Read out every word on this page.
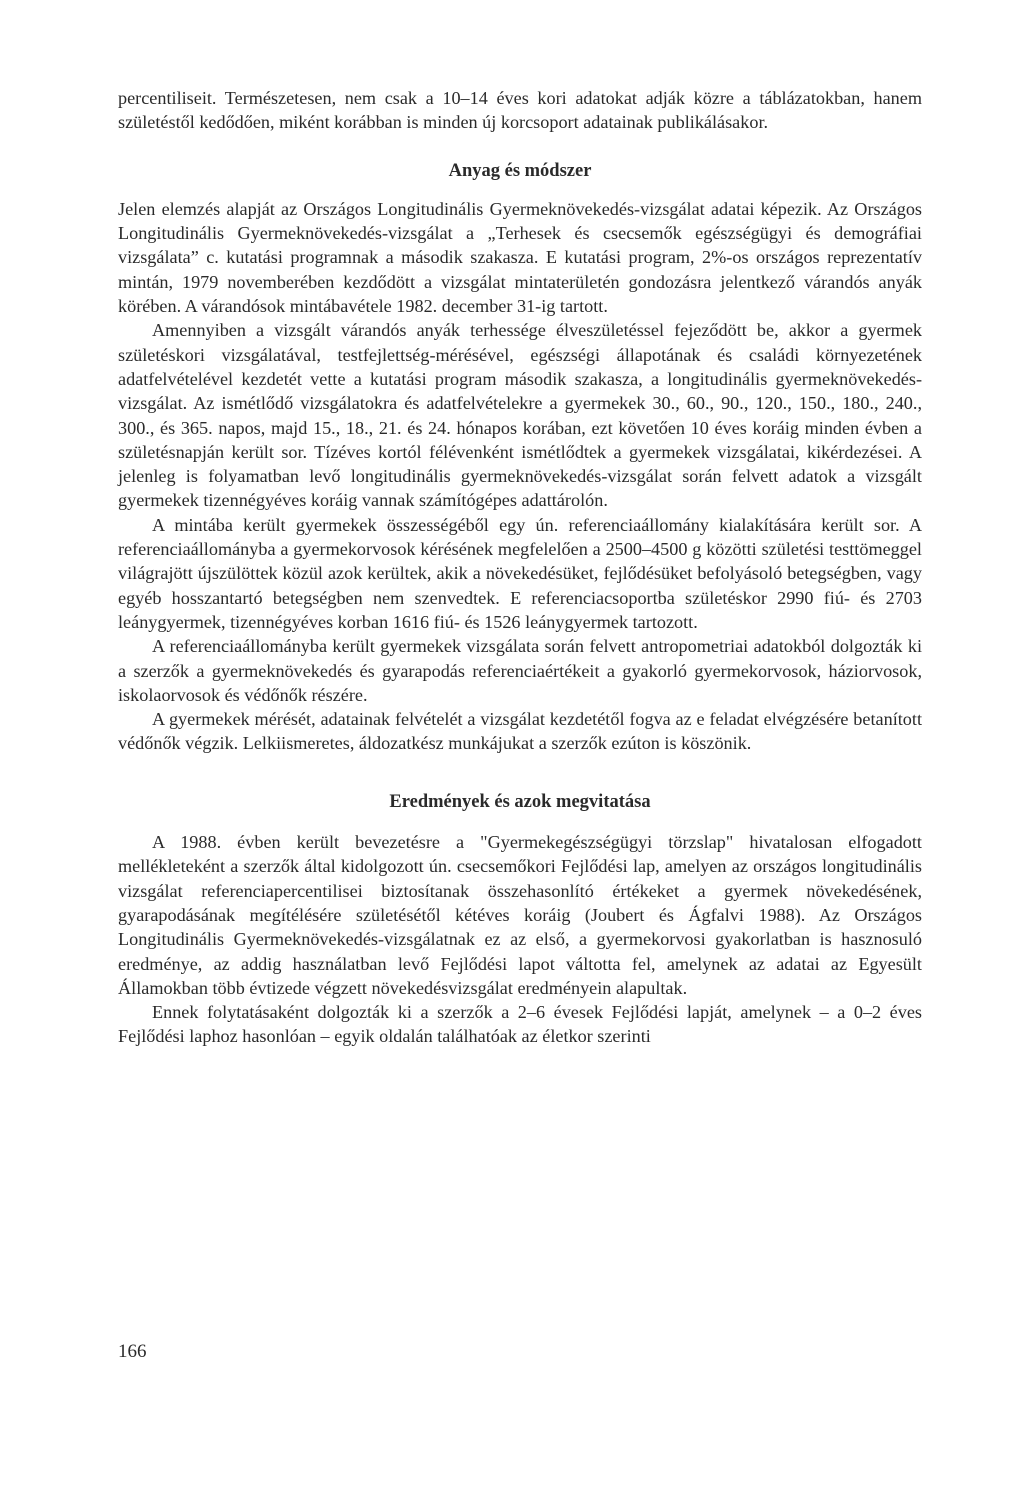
percentiliseit. Természetesen, nem csak a 10–14 éves kori adatokat adják közre a táblázatokban, hanem születéstől kedődően, miként korábban is minden új korcsoport adatainak publikálásakor.

Anyag és módszer

Jelen elemzés alapját az Országos Longitudinális Gyermeknövekedés-vizsgálat adatai képezik. Az Országos Longitudinális Gyermeknövekedés-vizsgálat a „Terhesek és csecsemők egészségügyi és demográfiai vizsgálata” c. kutatási programnak a második szakasza. E kutatási program, 2%-os országos reprezentatív mintán, 1979 novemberében kezdődött a vizsgálat mintaterületén gondozásra jelentkező várandós anyák körében. A várandósok mintábavétele 1982. december 31-ig tartott.

Amennyiben a vizsgált várandós anyák terhessége élveszületéssel fejeződött be, akkor a gyermek születéskori vizsgálatával, testfejlettség-mérésével, egészségi állapotának és családi környezetének adatfelvételével kezdetét vette a kutatási program második szakasza, a longitudinális gyermeknövekedés-vizsgálat. Az ismétlődő vizsgálatokra és adatfelvételekre a gyermekek 30., 60., 90., 120., 150., 180., 240., 300., és 365. napos, majd 15., 18., 21. és 24. hónapos korában, ezt követően 10 éves koráig minden évben a születésnapján került sor. Tízéves kortól félévenként ismétlődtek a gyermekek vizsgálatai, kikérdezései. A jelenleg is folyamatban levő longitudinális gyermeknövekedés-vizsgálat során felvett adatok a vizsgált gyermekek tizennégyéves koráig vannak számítógépes adattárolón.

A mintába került gyermekek összességéből egy ún. referenciaállomány kialakítására került sor. A referenciaállományba a gyermekorvosok kérésének megfelelően a 2500–4500 g közötti születési testtömeggel világrajött újszülöttek közül azok kerültek, akik a növekedésüket, fejlődésüket befolyásoló betegségben, vagy egyéb hosszantartó betegségben nem szenvedtek. E referenciacsoportba születéskor 2990 fiú- és 2703 leánygyermek, tizennégyéves korban 1616 fiú- és 1526 leánygyermek tartozott.

A referenciaállományba került gyermekek vizsgálata során felvett antropometriai adatokból dolgozták ki a szerzők a gyermeknövekedés és gyarapodás referenciaértékeit a gyakorló gyermekorvosok, háziorvosok, iskolaorvosok és védőnők részére.

A gyermekek mérését, adatainak felvételét a vizsgálat kezdetétől fogva az e feladat elvégzésére betanított védőnők végzik. Lelkiismeretes, áldozatkész munkájukat a szerzők ezúton is köszönik.

Eredmények és azok megvitatása

A 1988. évben került bevezetésre a "Gyermekegészségügyi törzslap" hivatalosan elfogadott mellékleteként a szerzők által kidolgozott ún. csecsemőkori Fejlődési lap, amelyen az országos longitudinális vizsgálat referenciapercentilisei biztosítanak összehasonlító értékeket a gyermek növekedésének, gyarapodásának megítélésére születésétől kétéves koráig (Joubert és Ágfalvi 1988). Az Országos Longitudinális Gyermeknövekedés-vizsgálatnak ez az első, a gyermekorvosi gyakorlatban is hasznosuló eredménye, az addig használatban levő Fejlődési lapot váltotta fel, amelynek az adatai az Egyesült Államokban több évtizede végzett növekedésvizsgálat eredményein alapultak.

Ennek folytatásaként dolgozták ki a szerzők a 2–6 évesek Fejlődési lapját, amelynek – a 0–2 éves Fejlődési laphoz hasonlóan – egyik oldalán találhatóak az életkor szerinti

166
